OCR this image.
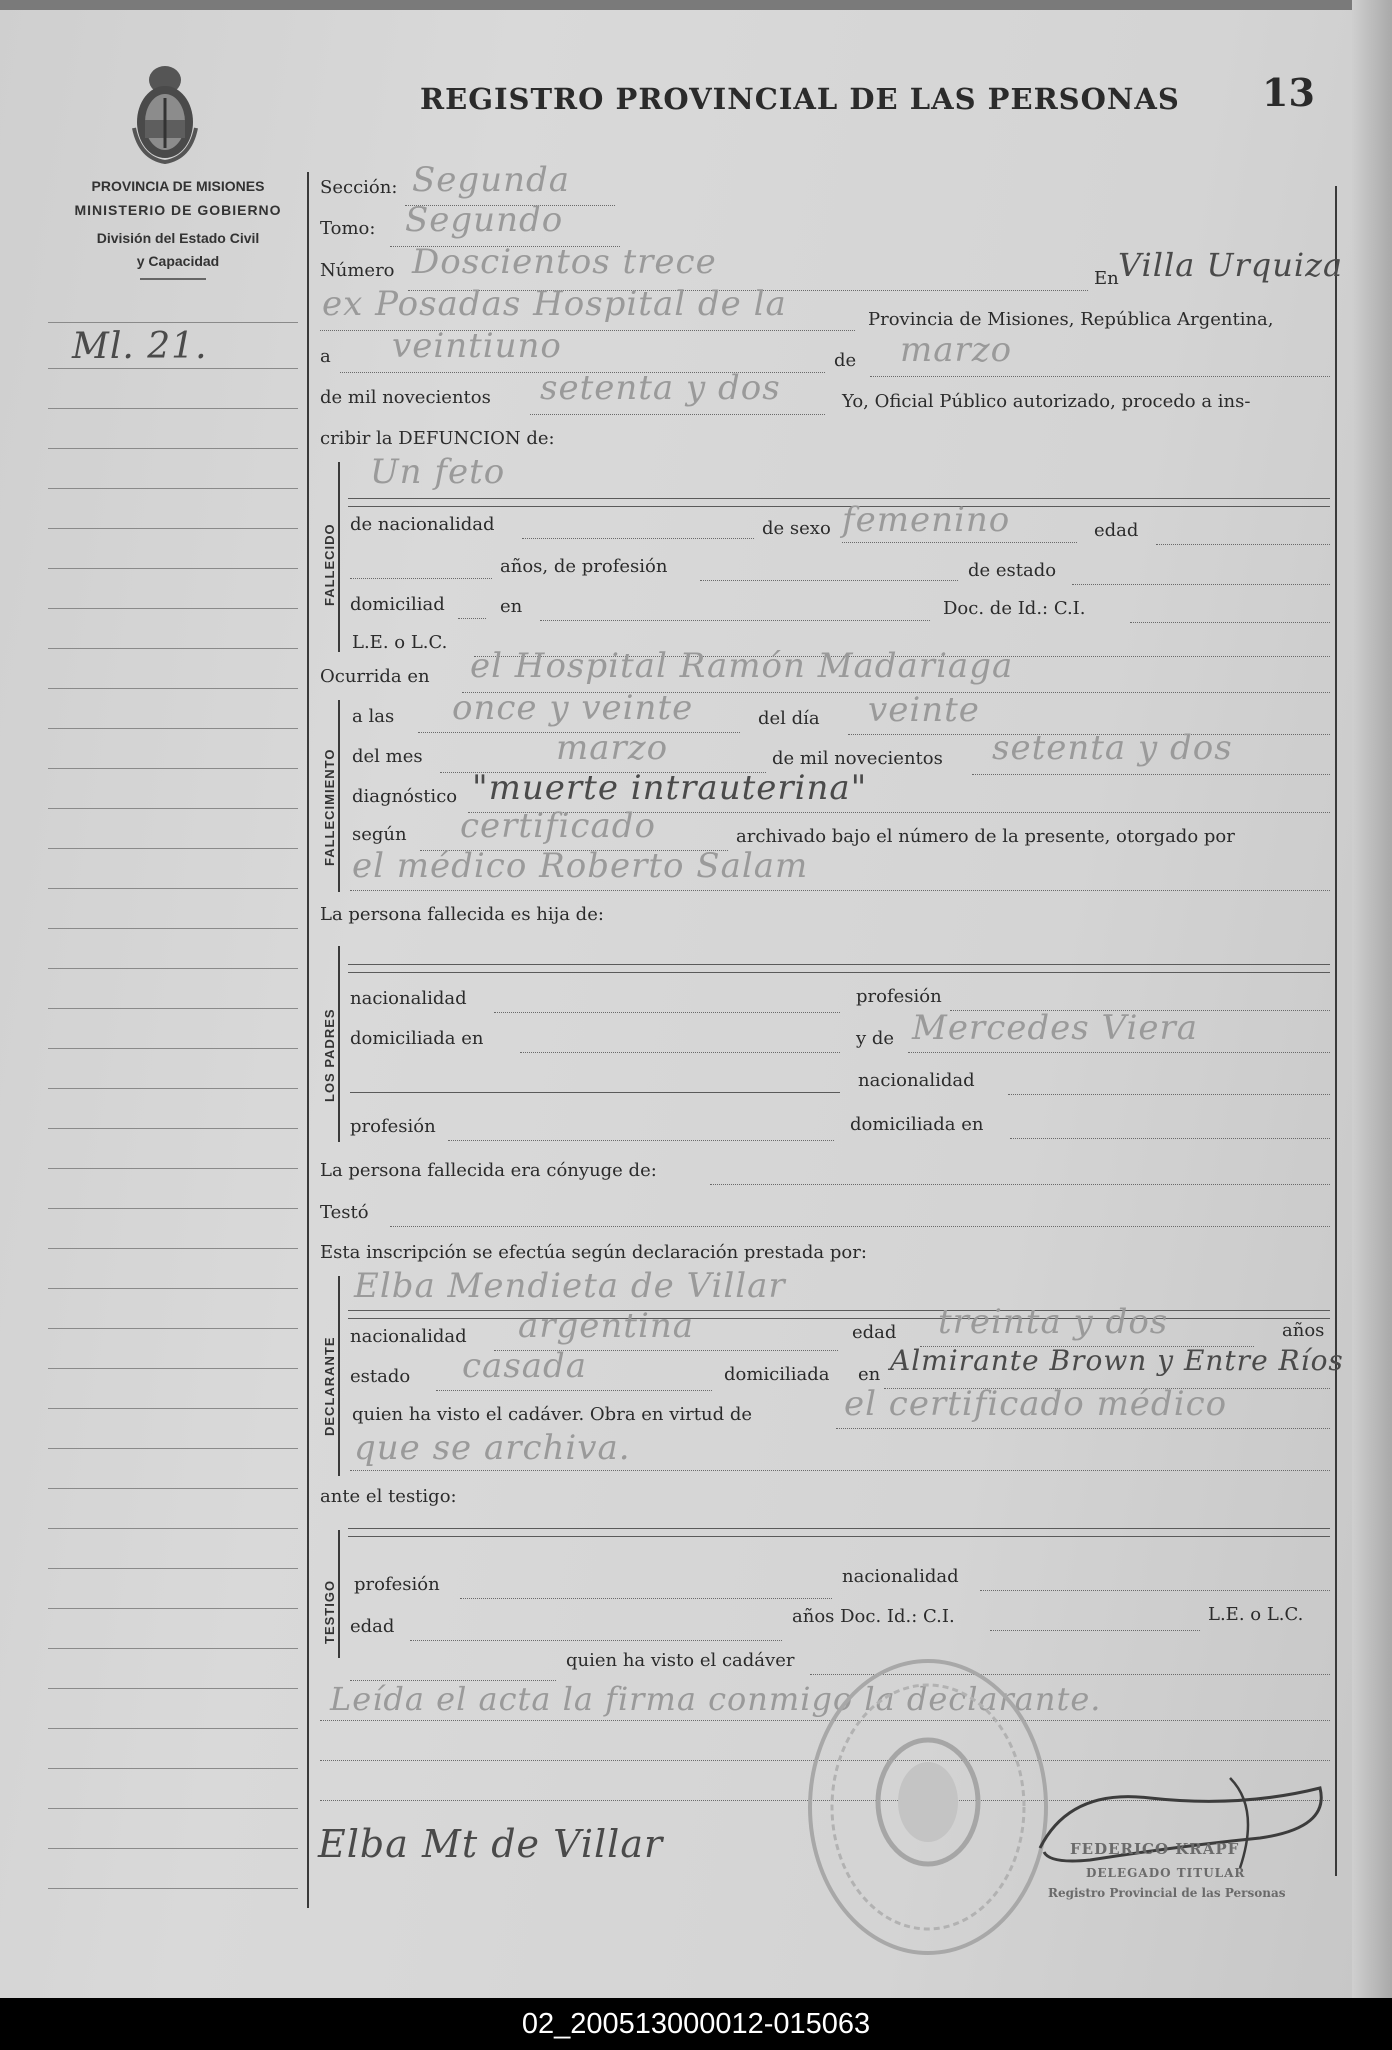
PROVINCIA DE MISIONES
MINISTERIO DE GOBIERNO
División del Estado Civil
y Capacidad
REGISTRO PROVINCIAL DE LAS PERSONAS 13
Ml. 21.
Sección: Segunda
Tomo: Segundo
Número Doscientos trece	En Villa Urquiza
ex Posadas Hospital de la	Provincia de Misiones, República Argentina,
a veintiuno	de marzo
de mil novecientos setenta y dos	Yo, Oficial Público autorizado, procedo a ins-
cribir la DEFUNCION de:
FALLECIDO
Un feto
de nacionalidad	de sexo femenino	edad
años, de profesión	de estado
domiciliad	en	Doc. de Id.: C.I.
L.E. o L.C.
Ocurrida en el Hospital Ramón Madariaga
FALLECIMIENTO
a las once y veinte	del día veinte
del mes	marzo	de mil novecientos setenta y dos
diagnóstico "muerte intrauterina"
según certificado	archivado bajo el número de la presente, otorgado por
el médico Roberto Salam
La persona fallecida es hija de:
LOS PADRES
nacionalidad	profesión
domiciliada en	y de Mercedes Viera
nacionalidad
profesión	domiciliada en
La persona fallecida era cónyuge de:
Testó
Esta inscripción se efectúa según declaración prestada por:
DECLARANTE
Elba Mendieta de Villar
nacionalidad argentina	edad treinta y dos	años
estado casada	domiciliada en Almirante Brown y Entre Ríos
quien ha visto el cadáver. Obra en virtud de	el certificado médico
que se archiva.
ante el testigo:
TESTIGO profesión	nacionalidad
edad	años Doc. Id.: C.I.	L.E. o L.C.
quien ha visto el cadáver
Leída el acta la firma conmigo la declarante.
Elba Mt de Villar	FEDERICO KRAPF
DELEGADO TITULAR
Registro Provincial de las Personas
02_200513000012-015063
